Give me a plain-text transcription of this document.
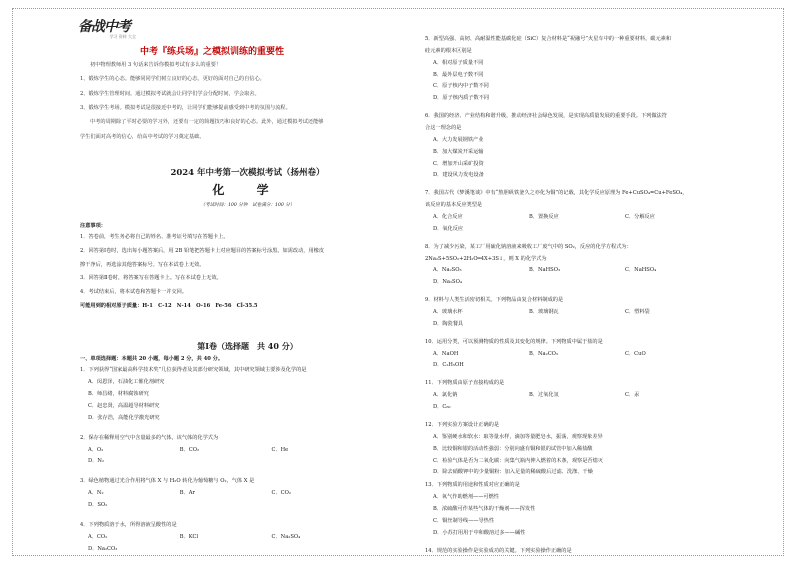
备战中考
学习 资料 大全
中考『练兵场』之模拟训练的重要性
初中物理教师用 3 句话来告诉你模拟考试有多么的重要！
1、锻炼学生的心态。能够同同学们树立良好的心态，更好的面对自己的自信心。
2、锻炼学生管理时间。通过模拟考试就会让同学们学会分配时间，学会取舍。
3、锻炼学生考场。模拟考试是很接近中考的，让同学们能够提前感受到中考的氛围与流程。
中考的周期除了平时必要的学习外，还要有一定的简题技巧和良好的心态。此外，通过模拟考试还能够
学生们面对高考的信心，给高中考试的学习奠定基础。
2024 年中考第一次模拟考试（扬州卷）
化 学
（考试时间：100 分钟　试卷满分：100 分）
注意事项：
1．答卷前，考生务必将自己的姓名、准考证号填写在答题卡上。
2．回答第Ⅰ卷时，选出每小题答案后，用 2B 铅笔把答题卡上对应题目的答案标号涂黑。如需改动，用橡皮
擦干净后，再选涂其他答案标号。写在本试卷上无效。
3．回答第Ⅱ卷时，将答案写在答题卡上。写在本试卷上无效。
4．考试结束后，将本试卷和答题卡一并交回。
可能用到的相对原子质量：H-1　C-12　N-14　O-16　Fe-56　Cl-35.5
第Ⅰ卷（选择题　共 40 分）
一、单项选择题：本题共 20 小题，每小题 2 分，共 40 分。
1．下列获得“国家最高科学技术奖”几位获得者及其部分研究领域，其中研究领域主要涉及化学的是
A．闵恩泽，石油化工催化剂研究
B．师昌绪，材料腐蚀研究
C．赵忠贤，高温超导材料研究
D．张存浩，高能化学激光研究
2．保存在稀释用空气中含量最多的气体，该气体的化学式为
A．O₂	B．CO₂	C．He
D．N₂
3．绿色植物通过光合作用将气体 X 与 H₂O 转化为葡萄糖与 O₂，气体 X 是
A．N₂	B．Ar	C．CO₂
D．SO₂
4．下列物质溶于水，所得溶液呈酸性的是
A．CO₂	B．KCl	C．Na₂SO₄
D．Na₂CO₃
5．新型高强、高韧、高耐温性能基碳化硅（SiC）复合材料是“祝融号”火星车中的一种重要材料。碳元素和
硅元素的根本区别是
A．相对原子质量不同
B．最外层电子数不同
C．原子核内中子数不同
D．原子核内质子数不同
6．我国的经济、产业结构和谐升级，推动经济社会绿色发展，是实现高质量发展的重要手段。下列做法符
合这一理念的是
A．大力发展钢铁产业
B．加大煤炭开采运输
C．增加开山采矿投资
D．建设风力发电设备
7．我国古代《梦溪笔谈》中有“熬胆矾铁釜久之亦化为铜”的记载，其化学反应原理为 Fe+CuSO₄=Cu+FeSO₄，
该反应的基本反应类型是
A．化合反应	B．置换反应	C．分解反应
D．氧化反应
8．为了减少污染，某工厂用硫化钠溶液来吸收工厂废气中的 SO₂，反应的化学方程式为：
2Na₂S+5SO₂+2H₂O═4X+3S↓，则 X 的化学式为
A．Na₂SO₃	B．NaHSO₃	C．NaHSO₄
D．Na₂SO₄
9．材料与人类生活密切相关。下列物品由复合材料制成的是
A．玻璃水杯	B．玻璃钢瓦	C．塑料袋
D．陶瓷餐具
10．运用分类，可以预测物质的性质及其变化的规律。下列物质中属于盐的是
A．NaOH	B．Na₂CO₃	C．CuO
D．C₂H₅OH
11．下列物质由原子直接构成的是
A．氯化钠	B．过氧化氢	C．汞
D．C₆₀
12．下列实验方案设计正确的是
A．鉴别硬水和软水：取等量水样，滴加等量肥皂水，振荡，观察现象差异
B．比较铜和银的活动性强弱：分别向盛有铜和银的试管中加入稀盐酸
C．检验气体是否为二氧化碳：向集气瓶内伸入燃着的木条，观察是否熄灭
D．除去硝酸钾中的少量铜粉：加入足量的稀硫酸后过滤、洗涤、干燥
13．下列物质的用途和性质对应正确的是
A．氧气作助燃剂——可燃性
B．浓硫酸可作某些气体的干燥剂——挥发性
C．铜丝制导线——导热性
D．小苏打用用于中和酸溶过多——碱性
14．规范的实验操作是实验成功的关键。下列实验操作正确的是
